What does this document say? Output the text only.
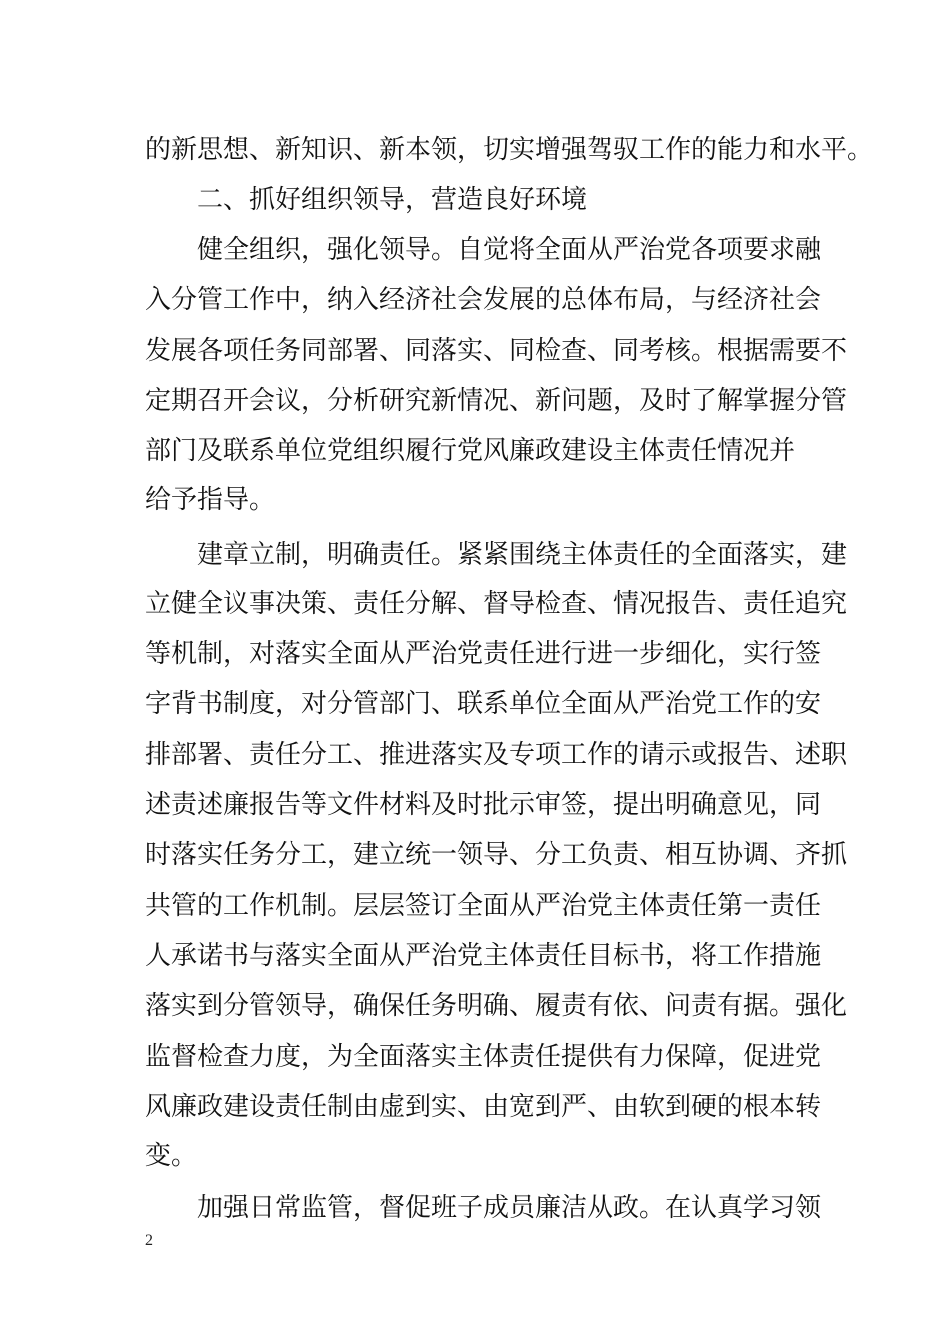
的新思想、新知识、新本领，切实增强驾驭工作的能力和水平。
二、抓好组织领导，营造良好环境
健全组织，强化领导。自觉将全面从严治党各项要求融
入分管工作中，纳入经济社会发展的总体布局，与经济社会
发展各项任务同部署、同落实、同检查、同考核。根据需要不
定期召开会议，分析研究新情况、新问题，及时了解掌握分管
部门及联系单位党组织履行党风廉政建设主体责任情况并
给予指导。
建章立制，明确责任。紧紧围绕主体责任的全面落实，建
立健全议事决策、责任分解、督导检查、情况报告、责任追究
等机制，对落实全面从严治党责任进行进一步细化，实行签
字背书制度，对分管部门、联系单位全面从严治党工作的安
排部署、责任分工、推进落实及专项工作的请示或报告、述职
述责述廉报告等文件材料及时批示审签，提出明确意见，同
时落实任务分工，建立统一领导、分工负责、相互协调、齐抓
共管的工作机制。层层签订全面从严治党主体责任第一责任
人承诺书与落实全面从严治党主体责任目标书，将工作措施
落实到分管领导，确保任务明确、履责有依、问责有据。强化
监督检查力度，为全面落实主体责任提供有力保障，促进党
风廉政建设责任制由虚到实、由宽到严、由软到硬的根本转
变。
加强日常监管，督促班子成员廉洁从政。在认真学习领
2
